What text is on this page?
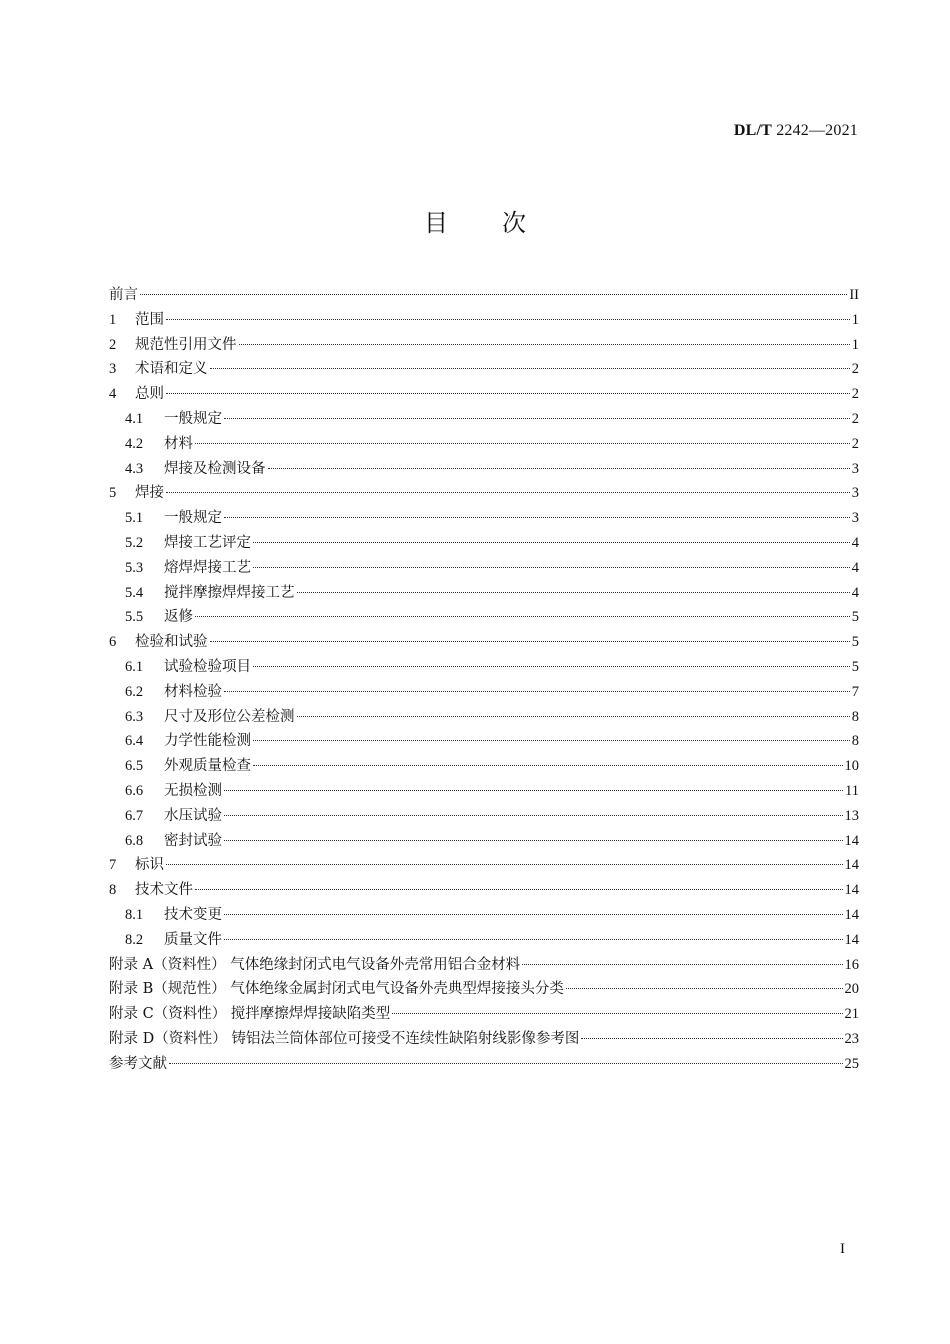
DL/T 2242—2021
目次
前言	II
1	范围	1
2	规范性引用文件	1
3	术语和定义	2
4	总则	2
4.1	一般规定	2
4.2	材料	2
4.3	焊接及检测设备	3
5	焊接	3
5.1	一般规定	3
5.2	焊接工艺评定	4
5.3	熔焊焊接工艺	4
5.4	搅拌摩擦焊焊接工艺	4
5.5	返修	5
6	检验和试验	5
6.1	试验检验项目	5
6.2	材料检验	7
6.3	尺寸及形位公差检测	8
6.4	力学性能检测	8
6.5	外观质量检查	10
6.6	无损检测	11
6.7	水压试验	13
6.8	密封试验	14
7	标识	14
8	技术文件	14
8.1	技术变更	14
8.2	质量文件	14
附录 A（资料性） 气体绝缘封闭式电气设备外壳常用铝合金材料	16
附录 B（规范性） 气体绝缘金属封闭式电气设备外壳典型焊接接头分类	20
附录 C（资料性） 搅拌摩擦焊焊接缺陷类型	21
附录 D（资料性） 铸铝法兰筒体部位可接受不连续性缺陷射线影像参考图	23
参考文献	25
I
